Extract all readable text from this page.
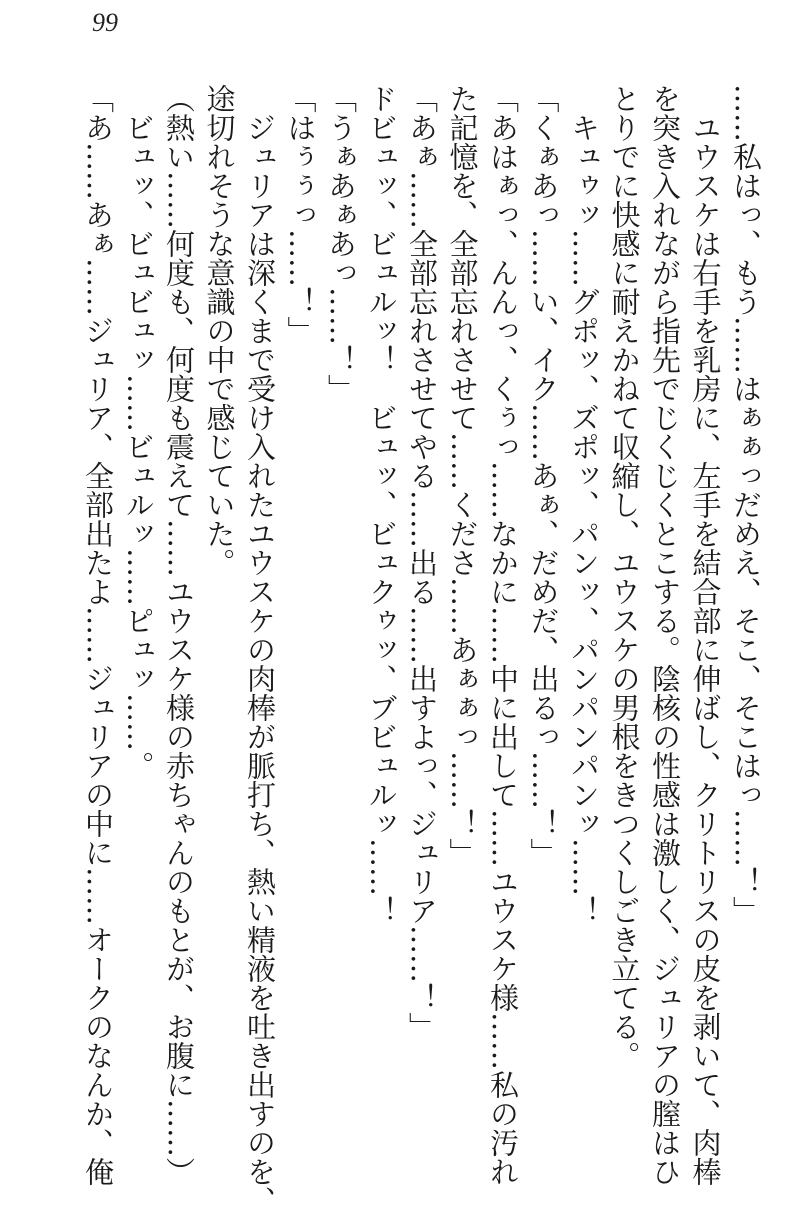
99
……私はっ、もう……はぁぁっだめえ、そこ、そこはっ……！」
ユウスケは右手を乳房に、左手を結合部に伸ばし、クリトリスの皮を剥いて、肉棒
を突き入れながら指先でじくじくとこする。陰核の性感は激しく、ジュリアの膣はひ
とりでに快感に耐えかねて収縮し、ユウスケの男根をきつくしごき立てる。
キュゥッ……グポッ、ズポッ、パンッ、パンパンパンッ……！
「くぁあっ……い、イク……あぁ、だめだ、出るっ……！」
「あはぁっ、んんっ、くぅっ……なかに……中に出して……ユウスケ様……私の汚れ
た記憶を、全部忘れさせて……くださ……あぁぁっ……！」
「あぁ……全部忘れさせてやる……出る……出すよっ、ジュリア……！」
ドビュッ、ビュルッ！　ビュッ、ビュクゥッ、ブビュルッ……！
「うぁあぁあっ……！」
「はぅぅっ……！」
ジュリアは深くまで受け入れたユウスケの肉棒が脈打ち、熱い精液を吐き出すのを、
途切れそうな意識の中で感じていた。
（熱い……何度も、何度も震えて……ユウスケ様の赤ちゃんのもとが、お腹に……）
ビュッ、ビュビュッ……ビュルッ……ピュッ……。
「あ……あぁ……ジュリア、全部出たよ……ジュリアの中に……オークのなんか、俺
